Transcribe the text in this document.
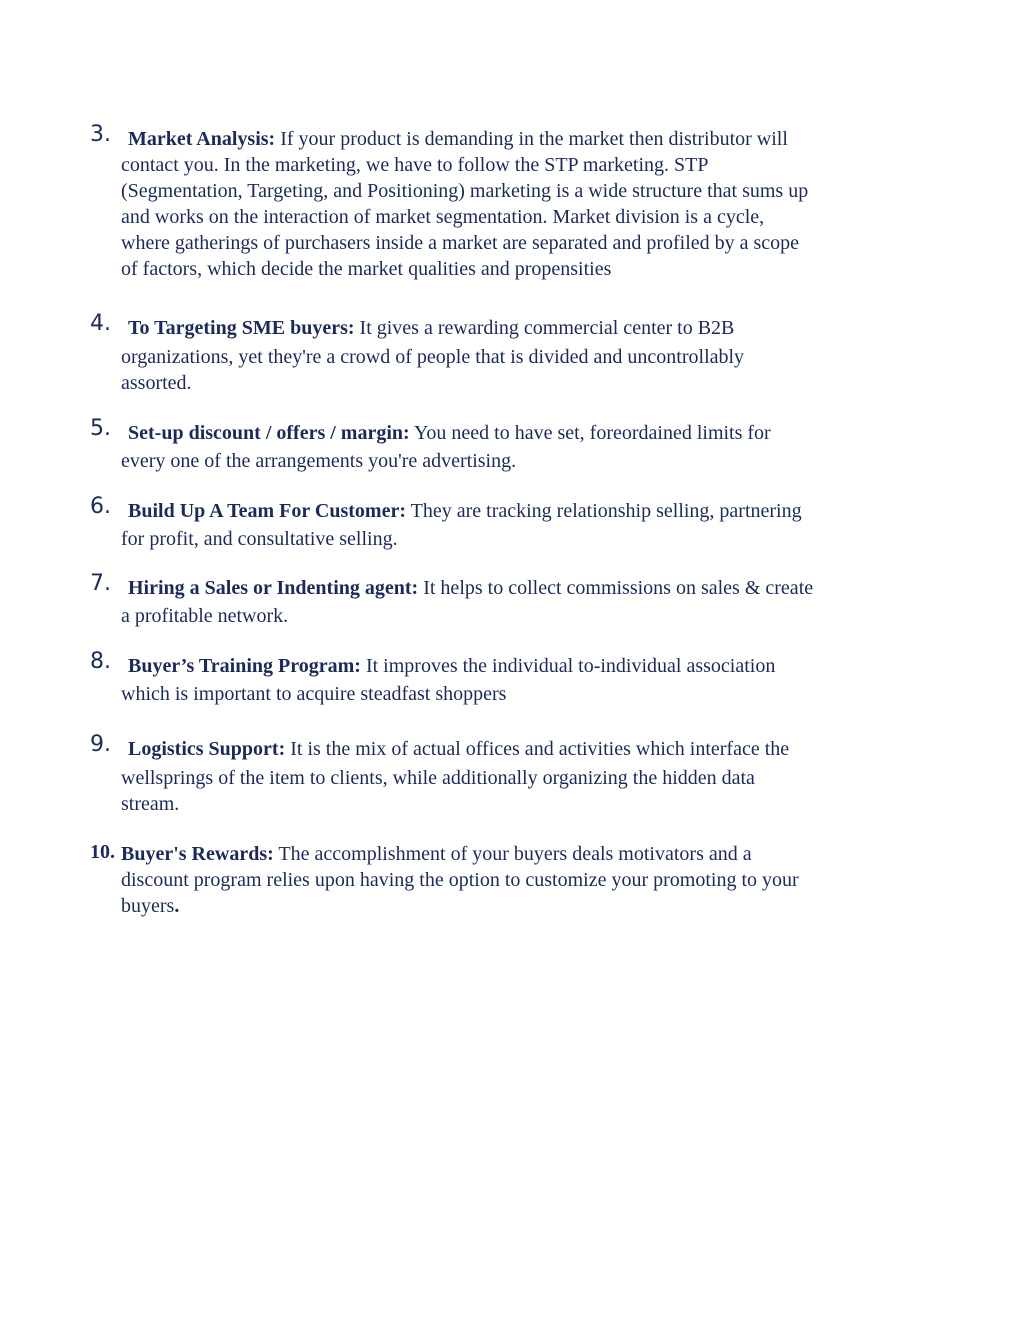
3. Market Analysis: If your product is demanding in the market then distributor will
contact you. In the marketing, we have to follow the STP marketing. STP
(Segmentation, Targeting, and Positioning) marketing is a wide structure that sums up
and works on the interaction of market segmentation. Market division is a cycle,
where gatherings of purchasers inside a market are separated and profiled by a scope
of factors, which decide the market qualities and propensities
4. To Targeting SME buyers: It gives a rewarding commercial center to B2B
organizations, yet they're a crowd of people that is divided and uncontrollably
assorted.
5. Set-up discount / offers / margin: You need to have set, foreordained limits for
every one of the arrangements you're advertising.
6. Build Up A Team For Customer: They are tracking relationship selling, partnering
for profit, and consultative selling.
7. Hiring a Sales or Indenting agent: It helps to collect commissions on sales & create
a profitable network.
8. Buyer’s Training Program: It improves the individual to-individual association
which is important to acquire steadfast shoppers
9. Logistics Support: It is the mix of actual offices and activities which interface the
wellsprings of the item to clients, while additionally organizing the hidden data
stream.
10. Buyer's Rewards: The accomplishment of your buyers deals motivators and a
discount program relies upon having the option to customize your promoting to your
buyers.
